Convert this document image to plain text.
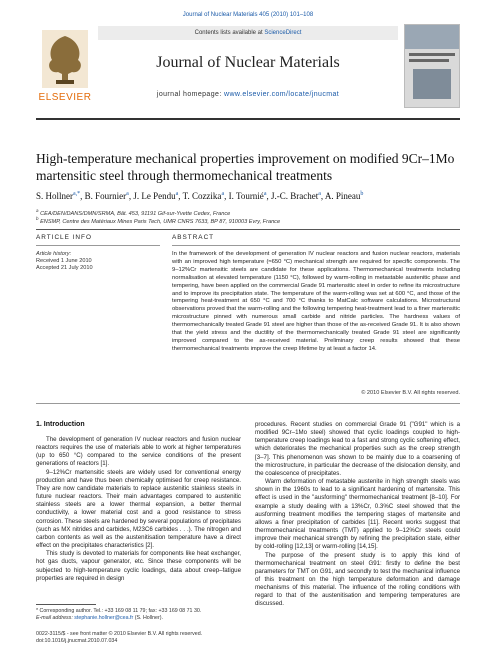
Journal of Nuclear Materials 405 (2010) 101–108
ELSEVIER
Contents lists available at ScienceDirect
Journal of Nuclear Materials
journal homepage: www.elsevier.com/locate/jnucmat
High-temperature mechanical properties improvement on modified 9Cr–1Mo martensitic steel through thermomechanical treatments
S. Hollner$^{a,*}$, B. Fournier$^a$, J. Le Pendu$^a$, T. Cozzika$^a$, I. Tournié$^a$, J.-C. Brachet$^a$, A. Pineau$^b$
$^a$ CEA/DEN/DANS/DMN/SRMA, Bât. 453, 91191 Gif-sur-Yvette Cedex, France
$^b$ ENSMP, Centre des Matériaux Mines Paris Tech, UMR CNRS 7633, BP 87, 910003 Evry, France
ARTICLE INFO	ABSTRACT
Article history:
Received 1 June 2010
Accepted 21 July 2010
In the framework of the development of generation IV nuclear reactors and fusion nuclear reactors, materials with an improved high temperature (≈650 °C) mechanical strength are required for specific components. The 9–12%Cr martensitic steels are candidate for these applications. Thermomechanical treatments including normalisation at elevated temperature (1150 °C), followed by warm-rolling in metastable austenitic phase and tempering, have been applied on the commercial Grade 91 martensitic steel in order to refine its microstructure and to improve its precipitation state. The temperature of the warm-rolling was set at 600 °C, and those of the tempering heat-treatment at 650 °C and 700 °C thanks to MatCalc software calculations. Microstructural observations proved that the warm-rolling and the following tempering heat-treatment lead to a finer martensitic microstructure pinned with numerous small carbide and nitride particles. The hardness values of thermomechanically treated Grade 91 steel are higher than those of the as-received Grade 91. It is also shown that the yield stress and the ductility of the thermomechanically treated Grade 91 steel are significantly improved compared to the as-received material. Preliminary creep results showed that these thermomechanical treatments improve the creep lifetime by at least a factor 14.
© 2010 Elsevier B.V. All rights reserved.
1. Introduction

The development of generation IV nuclear reactors and fusion nuclear reactors requires the use of materials able to work at higher temperatures (up to 650 °C) compared to the service conditions of the present generations of reactors [1].

9–12%Cr martensitic steels are widely used for conventional energy production and have thus been chemically optimised for creep resistance. They are now candidate materials to replace austenitic stainless steels in future nuclear reactors. Their main advantages compared to austenitic stainless steels are a lower thermal expansion, a better thermal conductivity, a lower material cost and a good resistance to stress corrosion. These steels are hardened by several populations of precipitates (such as MX nitrides and carbides, M23C6 carbides . . .). The nitrogen and carbon contents as well as the austenitisation temperature have a direct effect on the precipitates characteristics [2].

This study is devoted to materials for components like heat exchanger, hot gas ducts, vapour generator, etc. Since these components will be subjected to high-temperature cyclic loadings, data about creep–fatigue properties are required in design

procedures. Recent studies on commercial Grade 91 ("G91" which is a modified 9Cr–1Mo steel) showed that cyclic loadings coupled to high-temperature creep loadings lead to a fast and strong cyclic softening effect, which deteriorates the mechanical properties such as the creep strength [3–7]. This phenomenon was shown to be mainly due to a coarsening of the microstructure, in particular the decrease of the dislocation density, and the coalescence of precipitates.

Warm deformation of metastable austenite in high strength steels was shown in the 1960s to lead to a significant hardening of martensite. This effect is used in the "ausforming" thermomechanical treatment [8–10]. For example a study dealing with a 13%Cr, 0.3%C steel showed that the ausforming treatment modifies the tempering stages of martensite and allows a finer precipitation of carbides [11]. Recent works suggest that thermomechanical treatments (TMT) applied to 9–12%Cr steels could improve their mechanical strength by refining the precipitation state, either by cold-rolling [12,13] or warm-rolling [14,15].

The purpose of the present study is to apply this kind of thermomechanical treatment on steel G91: firstly to define the best parameters for TMT on G91, and secondly to test the mechanical influence of this treatment on the high temperature deformation and damage mechanisms of this material. The influence of the rolling conditions with regard to that of the austenitisation and tempering temperatures are discussed.

* Corresponding author. Tel.: +33 169 08 11 79; fax: +33 169 08 71 30.
E-mail address: stephanie.hollner@cea.fr (S. Hollner).
0022-3115/$ - see front matter © 2010 Elsevier B.V. All rights reserved.
doi:10.1016/j.jnucmat.2010.07.034
